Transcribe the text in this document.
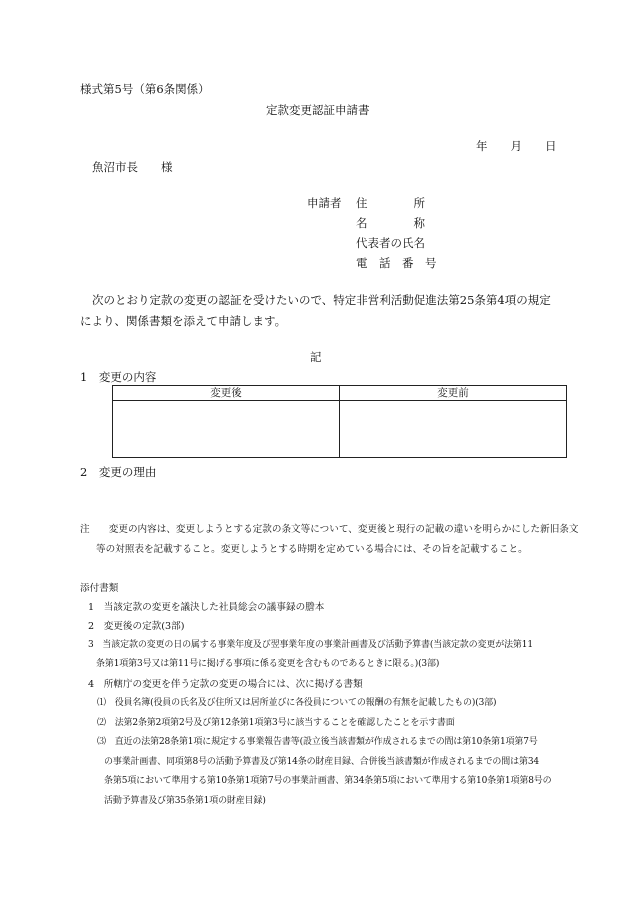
様式第5号（第6条関係）
定款変更認証申請書
年　　月　　日
魚沼市長　　様
申請者 住　　　　所
名　　　　称
代表者の氏名
電　話　番　号
次のとおり定款の変更の認証を受けたいので、特定非営利活動促進法第25条第4項の規定
により、関係書類を添えて申請します。
記
1　変更の内容
変更後	変更前
2　変更の理由
注　　変更の内容は、変更しようとする定款の条文等について、変更後と現行の記載の違いを明らかにした新旧条文
等の対照表を記載すること。変更しようとする時期を定めている場合には、その旨を記載すること。
添付書類
1　当該定款の変更を議決した社員総会の議事録の謄本
2　変更後の定款(3部)
3　当該定款の変更の日の属する事業年度及び翌事業年度の事業計画書及び活動予算書(当該定款の変更が法第11
条第1項第3号又は第11号に掲げる事項に係る変更を含むものであるときに限る。)(3部)
4　所轄庁の変更を伴う定款の変更の場合には、次に掲げる書類
⑴　役員名簿(役員の氏名及び住所又は居所並びに各役員についての報酬の有無を記載したもの)(3部)
⑵　法第2条第2項第2号及び第12条第1項第3号に該当することを確認したことを示す書面
⑶　直近の法第28条第1項に規定する事業報告書等(設立後当該書類が作成されるまでの間は第10条第1項第7号
の事業計画書、同項第8号の活動予算書及び第14条の財産目録、合併後当該書類が作成されるまでの間は第34
条第5項において準用する第10条第1項第7号の事業計画書、第34条第5項において準用する第10条第1項第8号の
活動予算書及び第35条第1項の財産目録)
